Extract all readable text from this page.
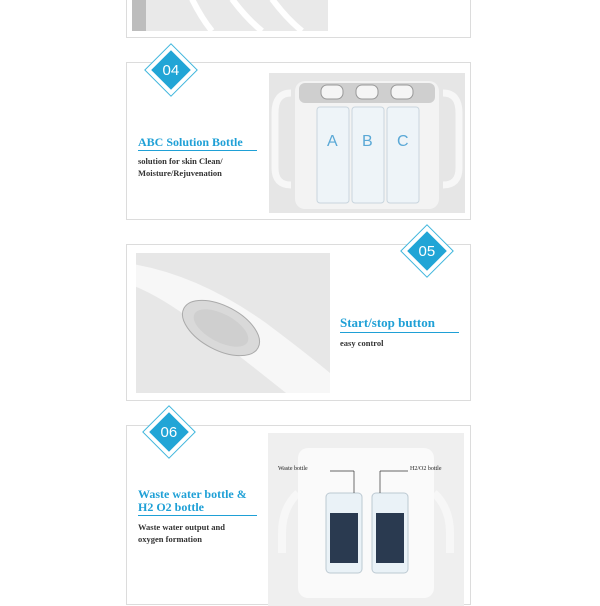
A B C
04
ABC Solution Bottle
solution for skin Clean/
Moisture/Rejuvenation
05
Start/stop button
easy control
Waste bottle	H2/O2 bottle
06
Waste water bottle &
H2 O2 bottle
Waste water output and
oxygen formation
